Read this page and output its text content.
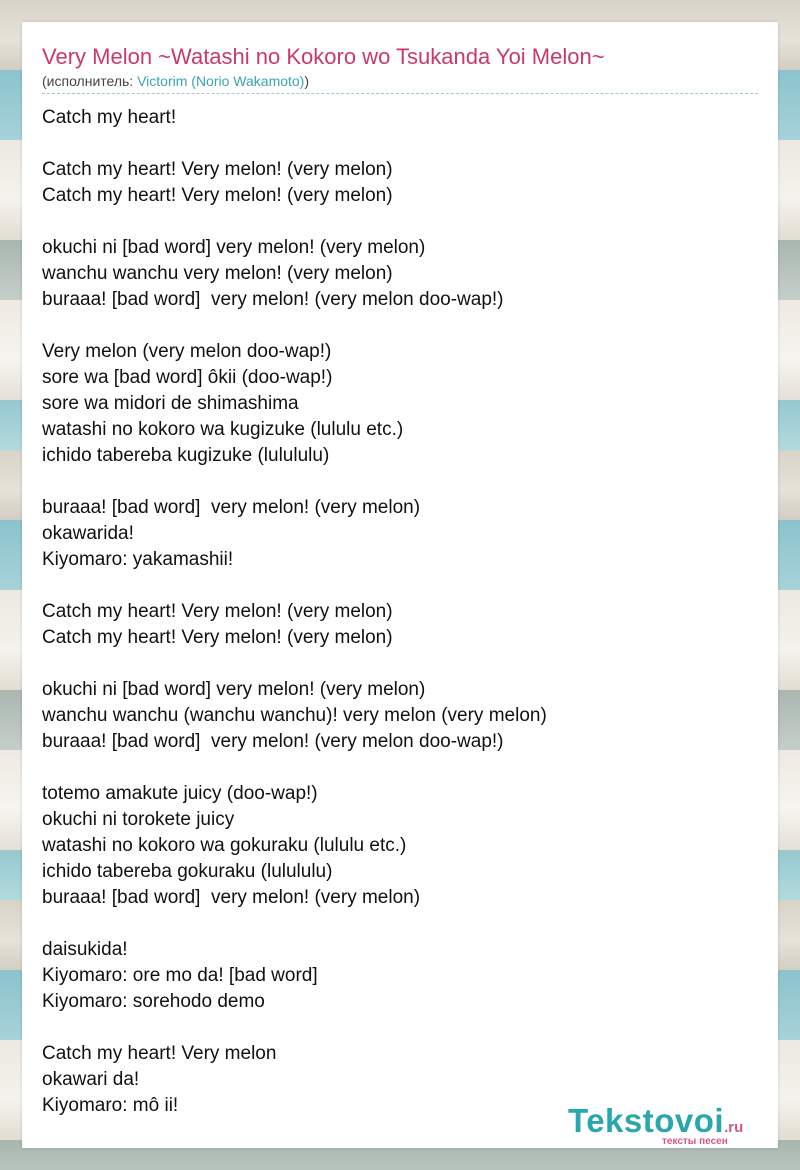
Very Melon ~Watashi no Kokoro wo Tsukanda Yoi Melon~
(исполнитель: Victorim (Norio Wakamoto))
Catch my heart!
Catch my heart! Very melon! (very melon)
Catch my heart! Very melon! (very melon)
okuchi ni [bad word] very melon! (very melon)
wanchu wanchu very melon! (very melon)
buraaa! [bad word]  very melon! (very melon doo-wap!)
Very melon (very melon doo-wap!)
sore wa [bad word] ôkii (doo-wap!)
sore wa midori de shimashima
watashi no kokoro wa kugizuke (lululu etc.)
ichido tabereba kugizuke (lulululu)
buraaa! [bad word]  very melon! (very melon)
okawarida!
Kiyomaro: yakamashii!
Catch my heart! Very melon! (very melon)
Catch my heart! Very melon! (very melon)
okuchi ni [bad word] very melon! (very melon)
wanchu wanchu (wanchu wanchu)! very melon (very melon)
buraaa! [bad word]  very melon! (very melon doo-wap!)
totemo amakute juicy (doo-wap!)
okuchi ni torokete juicy
watashi no kokoro wa gokuraku (lululu etc.)
ichido tabereba gokuraku (lulululu)
buraaa! [bad word]  very melon! (very melon)
daisukida!
Kiyomaro: ore mo da! [bad word]
Kiyomaro: sorehodo demo
Catch my heart! Very melon
okawari da!
Kiyomaro: mô ii!	Tekstovoi.ru
тексты песен
